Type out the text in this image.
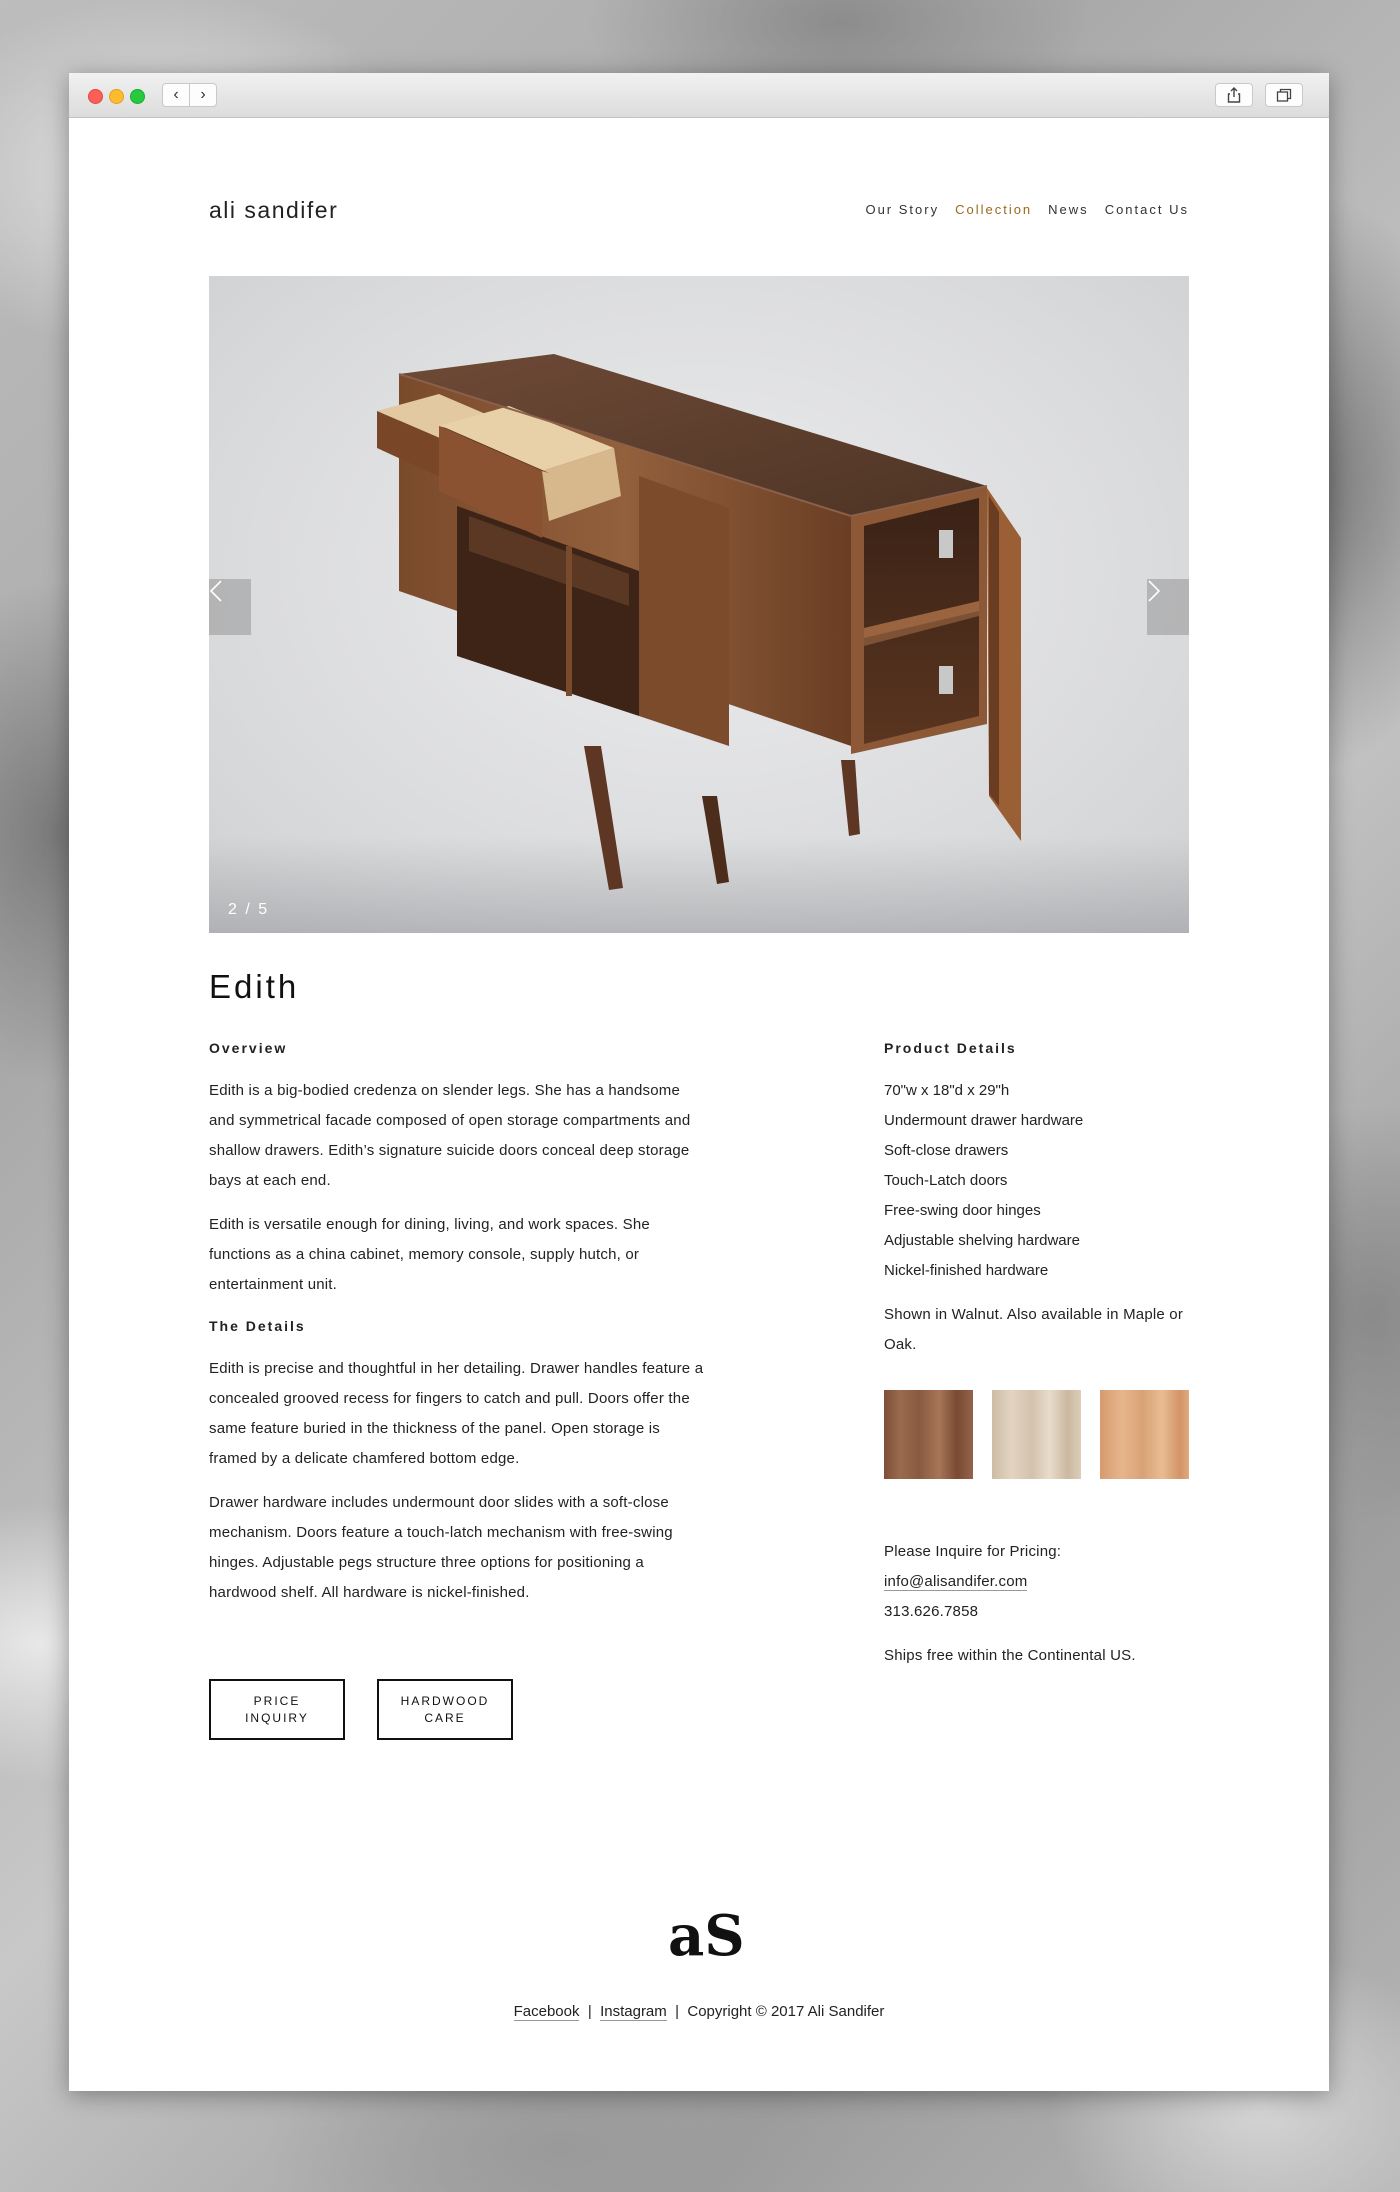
‹	›
ali sandifer	Our Story Collection News Contact Us
2 / 5
Edith
Overview

Edith is a big-bodied credenza on slender legs. She has a handsome and symmetrical facade composed of open storage compartments and shallow drawers. Edith’s signature suicide doors conceal deep storage bays at each end.

Edith is versatile enough for dining, living, and work spaces. She functions as a china cabinet, memory console, supply hutch, or entertainment unit.

The Details

Edith is precise and thoughtful in her detailing. Drawer handles feature a concealed grooved recess for fingers to catch and pull. Doors offer the same feature buried in the thickness of the panel. Open storage is framed by a delicate chamfered bottom edge.

Drawer hardware includes undermount door slides with a soft-close mechanism. Doors feature a touch-latch mechanism with free-swing hinges. Adjustable pegs structure three options for positioning a hardwood shelf. All hardware is nickel-finished.

Product Details
70"w x 18"d x 29"h
Undermount drawer hardware
Soft-close drawers
Touch-Latch doors
Free-swing door hinges
Adjustable shelving hardware
Nickel-finished hardware

Shown in Walnut. Also available in Maple or Oak.

Please Inquire for Pricing:
info@alisandifer.com
313.626.7858

Ships free within the Continental US.

PRICE INQUIRY
HARDWOOD CARE
aS
Facebook | Instagram | Copyright © 2017 Ali Sandifer
